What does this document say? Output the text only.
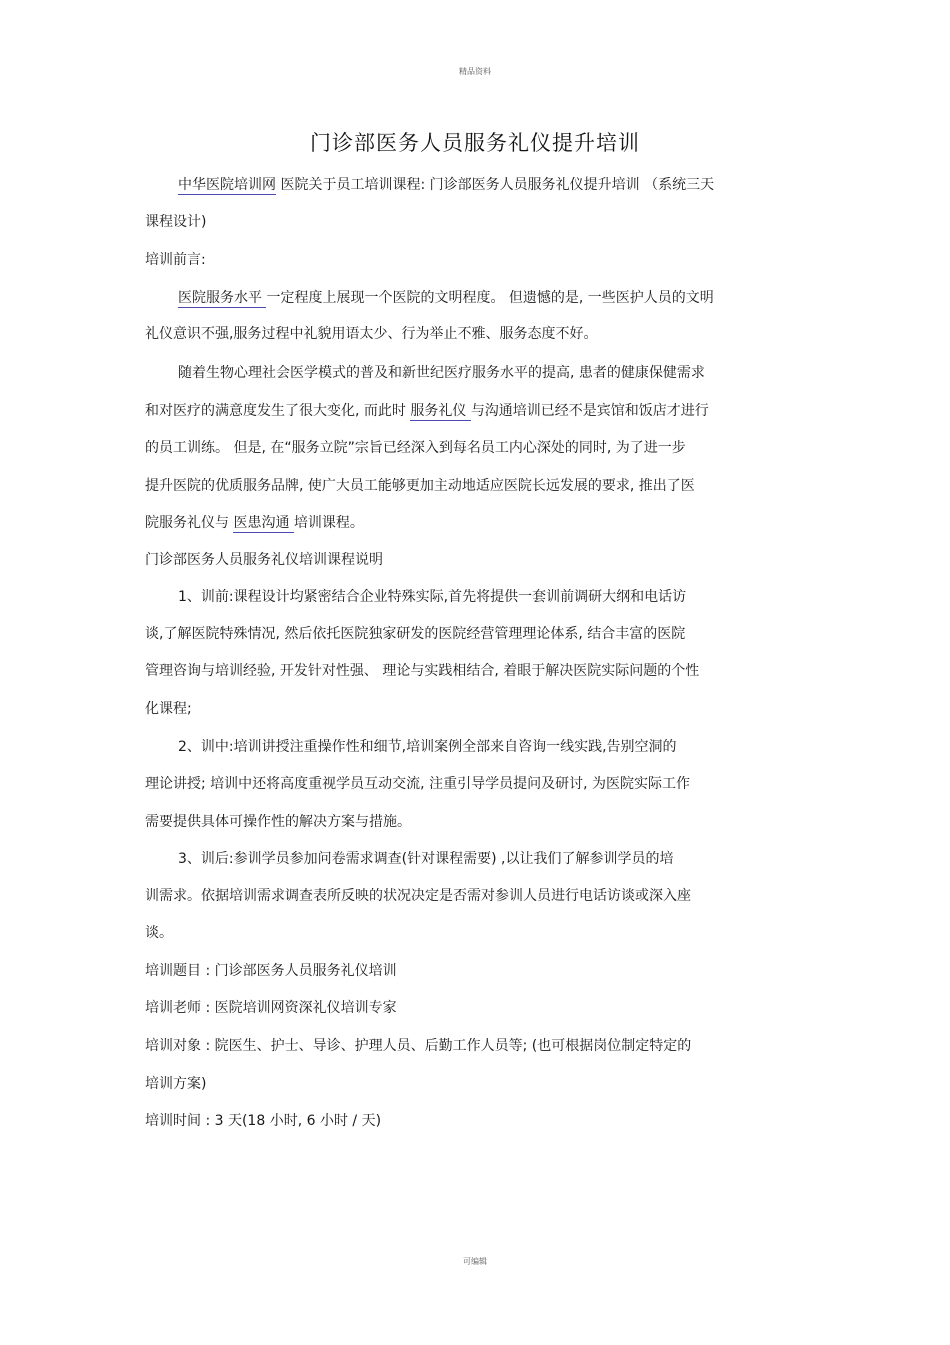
精品资料
门诊部医务人员服务礼仪提升培训
中华医院培训网 医院关于员工培训课程: 门诊部医务人员服务礼仪提升培训 （系统三天
课程设计)
培训前言:
医院服务水平 一定程度上展现一个医院的文明程度。 但遗憾的是, 一些医护人员的文明
礼仪意识不强,服务过程中礼貌用语太少、行为举止不雅、服务态度不好。
随着生物心理社会医学模式的普及和新世纪医疗服务水平的提高, 患者的健康保健需求
和对医疗的满意度发生了很大变化, 而此时 服务礼仪 与沟通培训已经不是宾馆和饭店才进行
的员工训练。 但是, 在“服务立院”宗旨已经深入到每名员工内心深处的同时, 为了进一步
提升医院的优质服务品牌, 使广大员工能够更加主动地适应医院长远发展的要求, 推出了医
院服务礼仪与 医患沟通 培训课程。
门诊部医务人员服务礼仪培训课程说明
1、训前:课程设计均紧密结合企业特殊实际,首先将提供一套训前调研大纲和电话访
谈,了解医院特殊情况, 然后依托医院独家研发的医院经营管理理论体系, 结合丰富的医院
管理咨询与培训经验, 开发针对性强、 理论与实践相结合, 着眼于解决医院实际问题的个性
化课程;
2、训中:培训讲授注重操作性和细节,培训案例全部来自咨询一线实践,告别空洞的
理论讲授; 培训中还将高度重视学员互动交流, 注重引导学员提问及研讨, 为医院实际工作
需要提供具体可操作性的解决方案与措施。
3、训后:参训学员参加问卷需求调查(针对课程需要) ,以让我们了解参训学员的培
训需求。依据培训需求调查表所反映的状况决定是否需对参训人员进行电话访谈或深入座
谈。
培训题目 : 门诊部医务人员服务礼仪培训
培训老师 : 医院培训网资深礼仪培训专家
培训对象 : 院医生、护士、导诊、护理人员、后勤工作人员等; (也可根据岗位制定特定的
培训方案)
培训时间 : 3 天(18 小时, 6 小时 / 天)
可编辑
